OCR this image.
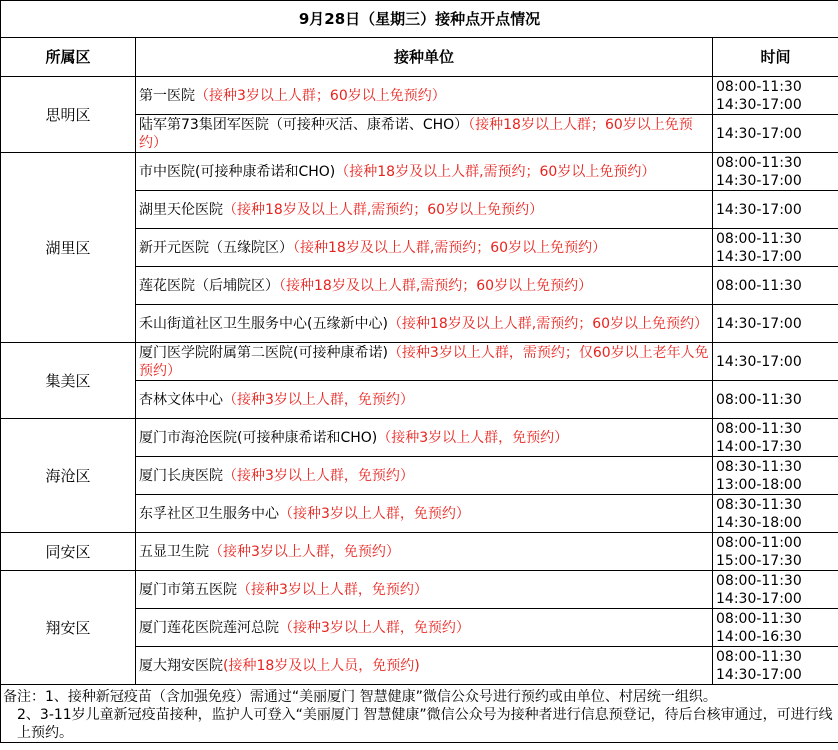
9月28日（星期三）接种点开点情况		
所属区	接种单位	时间
思明区	第一医院（接种3岁以上人群；60岁以上免预约）	08:00-11:30
14:30-17:00

	陆军第73集团军医院（可接种灭活、康希诺、CHO）（接种18岁以上人群；60岁以上免预约）	14:30-17:00

湖里区	市中医院(可接种康希诺和CHO)（接种18岁及以上人群,需预约；60岁以上免预约）	08:00-11:30
14:30-17:00

	湖里天伦医院（接种18岁及以上人群,需预约；60岁以上免预约）	14:30-17:00

	新开元医院（五缘院区）（接种18岁及以上人群,需预约；60岁以上免预约）	08:00-11:30
14:30-17:00

	莲花医院（后埔院区）（接种18岁及以上人群,需预约；60岁以上免预约）	08:00-11:30

	禾山街道社区卫生服务中心(五缘新中心)（接种18岁及以上人群,需预约；60岁以上免预约）	14:30-17:00

集美区	厦门医学院附属第二医院(可接种康希诺)（接种3岁以上人群，需预约；仅60岁以上老年人免预约）	14:30-17:00

	杏林文体中心（接种3岁以上人群，免预约）	08:00-11:30

海沧区	厦门市海沧医院(可接种康希诺和CHO)（接种3岁以上人群，免预约）	08:00-11:30
14:00-17:30

	厦门长庚医院（接种3岁以上人群，免预约）	08:30-11:30
13:00-18:00

	东孚社区卫生服务中心（接种3岁以上人群，免预约）	08:30-11:30
14:30-18:00

同安区	五显卫生院（接种3岁以上人群，免预约）	08:00-11:00
15:00-17:30

翔安区	厦门市第五医院（接种3岁以上人群，免预约）	08:00-11:30
14:30-17:00

	厦门莲花医院莲河总院（接种3岁以上人群，免预约）	08:00-11:30
14:00-16:30

	厦大翔安医院(接种18岁及以上人员，免预约)	08:00-11:30
14:30-17:00

备注：1、接种新冠疫苗（含加强免疫）需通过“美丽厦门 智慧健康”微信公众号进行预约或由单位、村居统一组织。
2、3-11岁儿童新冠疫苗接种，监护人可登入“美丽厦门 智慧健康”微信公众号为接种者进行信息预登记，待后台核审通过，可进行线上预约。		
